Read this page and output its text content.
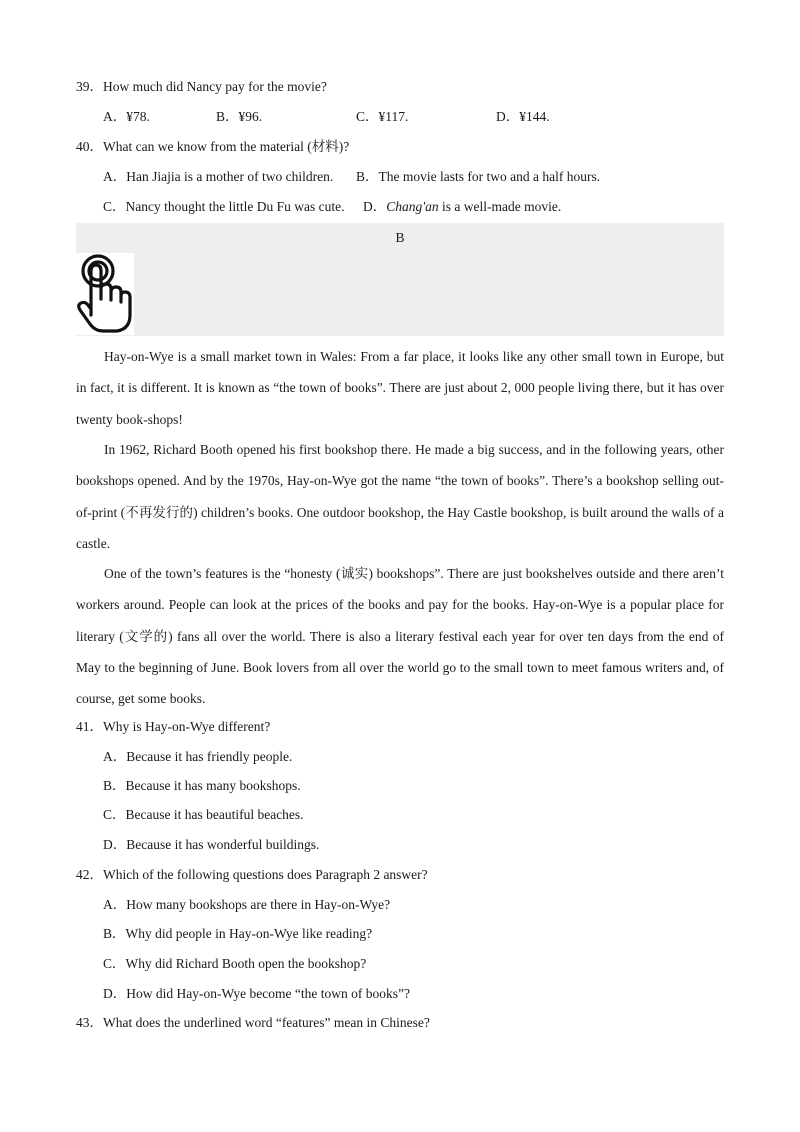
39．How much did Nancy pay for the movie?
A．¥78.	B．¥96.	C．¥117.	D．¥144.
40．What can we know from the material (材料)?
A．Han Jiajia is a mother of two children. B．The movie lasts for two and a half hours.
C．Nancy thought the little Du Fu was cute. D．Chang'an is a well-made movie.
B

Hay-on-Wye is a small market town in Wales: From a far place, it looks like any other small town in Europe, but in fact, it is different. It is known as “the town of books”. There are just about 2, 000 people living there, but it has over twenty book-shops!

In 1962, Richard Booth opened his first bookshop there. He made a big success, and in the following years, other bookshops opened. And by the 1970s, Hay-on-Wye got the name “the town of books”. There’s a bookshop selling out-of-print (不再发行的) children’s books. One outdoor bookshop, the Hay Castle bookshop, is built around the walls of a castle.

One of the town’s features is the “honesty (诚实) bookshops”. There are just bookshelves outside and there aren’t workers around. People can look at the prices of the books and pay for the books. Hay-on-Wye is a popular place for literary (文学的) fans all over the world. There is also a literary festival each year for over ten days from the end of May to the beginning of June. Book lovers from all over the world go to the small town to meet famous writers and, of course, get some books.

41．Why is Hay-on-Wye different?
A．Because it has friendly people.
B．Because it has many bookshops.
C．Because it has beautiful beaches.
D．Because it has wonderful buildings.
42．Which of the following questions does Paragraph 2 answer?
A．How many bookshops are there in Hay-on-Wye?
B．Why did people in Hay-on-Wye like reading?
C．Why did Richard Booth open the bookshop?
D．How did Hay-on-Wye become “the town of books”?
43．What does the underlined word “features” mean in Chinese?
